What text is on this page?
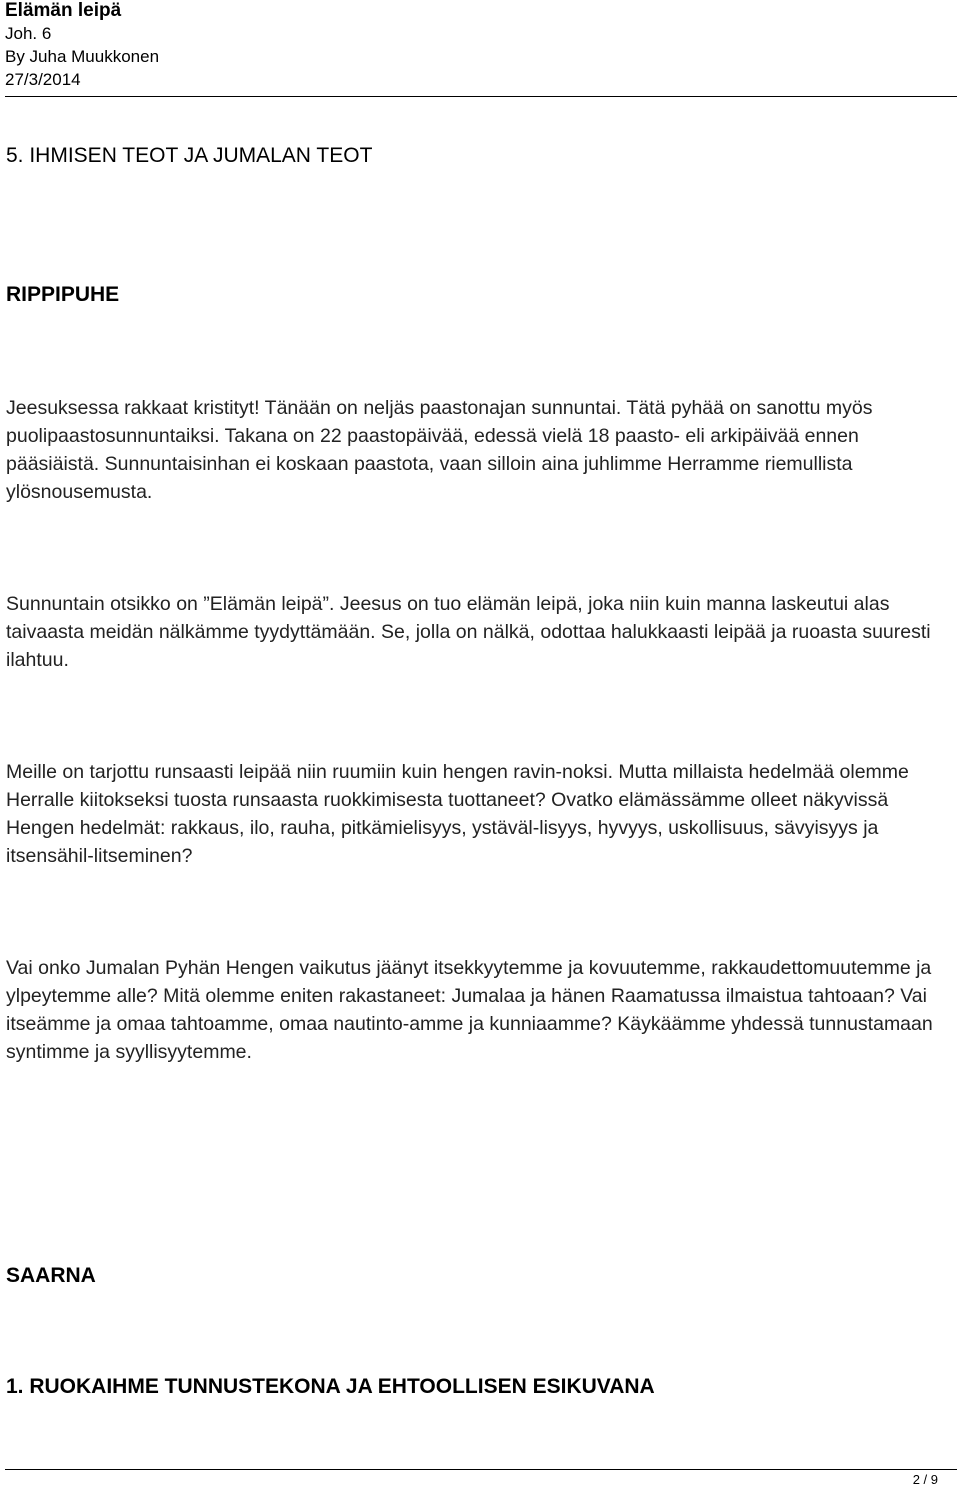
Elämän leipä
Joh. 6
By Juha Muukkonen
27/3/2014
5. IHMISEN TEOT JA JUMALAN TEOT
RIPPIPUHE

Jeesuksessa rakkaat kristityt! Tänään on neljäs paastonajan sunnuntai. Tätä pyhää on sanottu myös puolipaastosunnuntaiksi. Takana on 22 paastopäivää, edessä vielä 18 paasto- eli arkipäivää ennen pääsiäistä. Sunnuntaisinhan ei koskaan paastota, vaan silloin aina juhlimme Herramme riemullista ylösnousemusta.

Sunnuntain otsikko on ”Elämän leipä”. Jeesus on tuo elämän leipä, joka niin kuin manna laskeutui alas taivaasta meidän nälkämme tyydyttämään. Se, jolla on nälkä, odottaa halukkaasti leipää ja ruoasta suuresti ilahtuu.

Meille on tarjottu runsaasti leipää niin ruumiin kuin hengen ravin-noksi. Mutta millaista hedelmää olemme Herralle kiitokseksi tuosta runsaasta ruokkimisesta tuottaneet? Ovatko elämässämme olleet näkyvissä Hengen hedelmät: rakkaus, ilo, rauha, pitkämielisyys, ystäväl-lisyys, hyvyys, uskollisuus, sävyisyys ja itsensähil-litseminen?

Vai onko Jumalan Pyhän Hengen vaikutus jäänyt itsekkyytemme ja kovuutemme, rakkaudettomuutemme ja ylpeytemme alle? Mitä olemme eniten rakastaneet: Jumalaa ja hänen Raamatussa ilmaistua tahtoaan? Vai itseämme ja omaa tahtoamme, omaa nautinto-amme ja kunniaamme? Käykäämme yhdessä tunnustamaan syntimme ja syyllisyytemme.

SAARNA
1. RUOKAIHME TUNNUSTEKONA JA EHTOOLLISEN ESIKUVANA
2 / 9
